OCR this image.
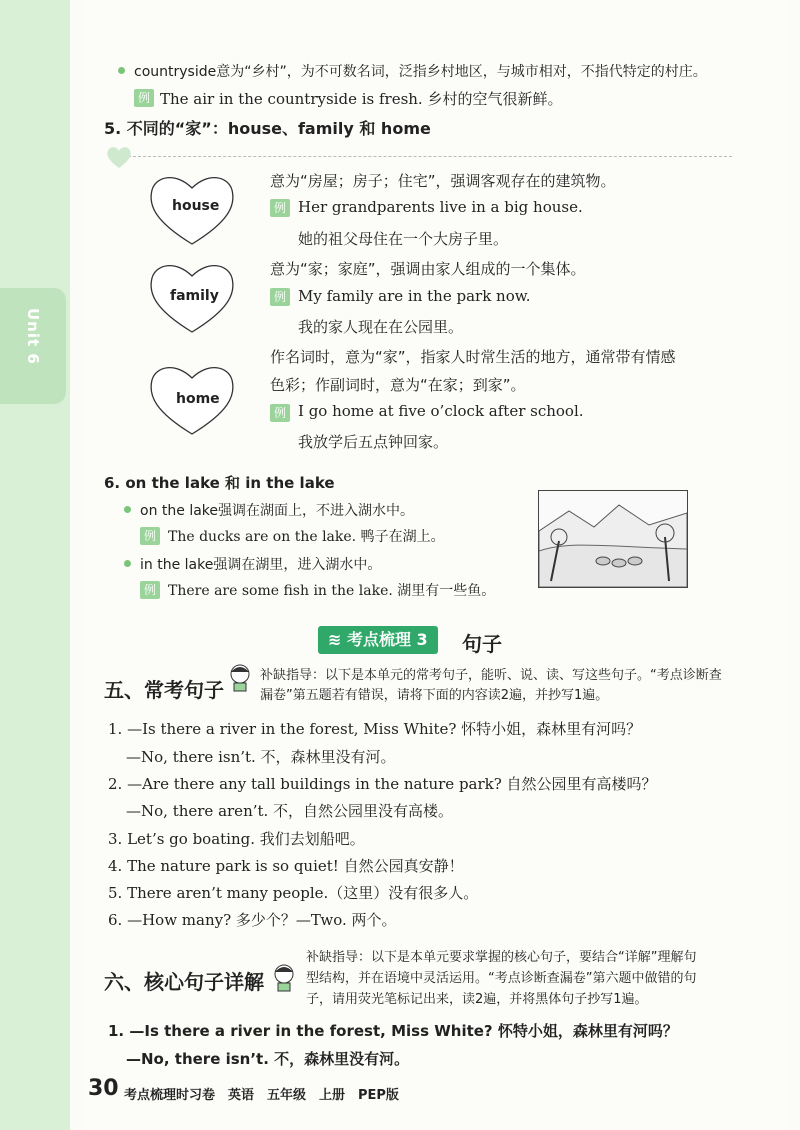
Unit 6
countryside意为“乡村”，为不可数名词，泛指乡村地区，与城市相对，不指代特定的村庄。
例 The air in the countryside is fresh. 乡村的空气很新鲜。
5. 不同的“家”：house、family 和 home
house
意为“房屋；房子；住宅”，强调客观存在的建筑物。
例 Her grandparents live in a big house.
她的祖父母住在一个大房子里。
family
意为“家；家庭”，强调由家人组成的一个集体。
例 My family are in the park now.
我的家人现在在公园里。
home
作名词时，意为“家”，指家人时常生活的地方，通常带有情感
色彩；作副词时，意为“在家；到家”。
例 I go home at five o’clock after school.
我放学后五点钟回家。
6. on the lake 和 in the lake
on the lake强调在湖面上，不进入湖水中。
例 The ducks are on the lake. 鸭子在湖上。
in the lake强调在湖里，进入湖水中。
例 There are some fish in the lake. 湖里有一些鱼。
≋ 考点梳理 3	句子
五、常考句子
补缺指导：以下是本单元的常考句子，能听、说、读、写这些句子。“考点诊断查
漏卷”第五题若有错误，请将下面的内容读2遍，并抄写1遍。
1. —Is there a river in the forest, Miss White? 怀特小姐，森林里有河吗？
—No, there isn’t. 不，森林里没有河。
2. —Are there any tall buildings in the nature park? 自然公园里有高楼吗？
—No, there aren’t. 不，自然公园里没有高楼。
3. Let’s go boating. 我们去划船吧。
4. The nature park is so quiet! 自然公园真安静！
5. There aren’t many people.（这里）没有很多人。
6. —How many? 多少个？—Two. 两个。
六、核心句子详解
补缺指导：以下是本单元要求掌握的核心句子，要结合“详解”理解句
型结构，并在语境中灵活运用。“考点诊断查漏卷”第六题中做错的句
子，请用荧光笔标记出来，读2遍，并将黑体句子抄写1遍。
1. —Is there a river in the forest, Miss White? 怀特小姐，森林里有河吗？
—No, there isn’t. 不，森林里没有河。
30 考点梳理时习卷　英语　五年级　上册　PEP版
